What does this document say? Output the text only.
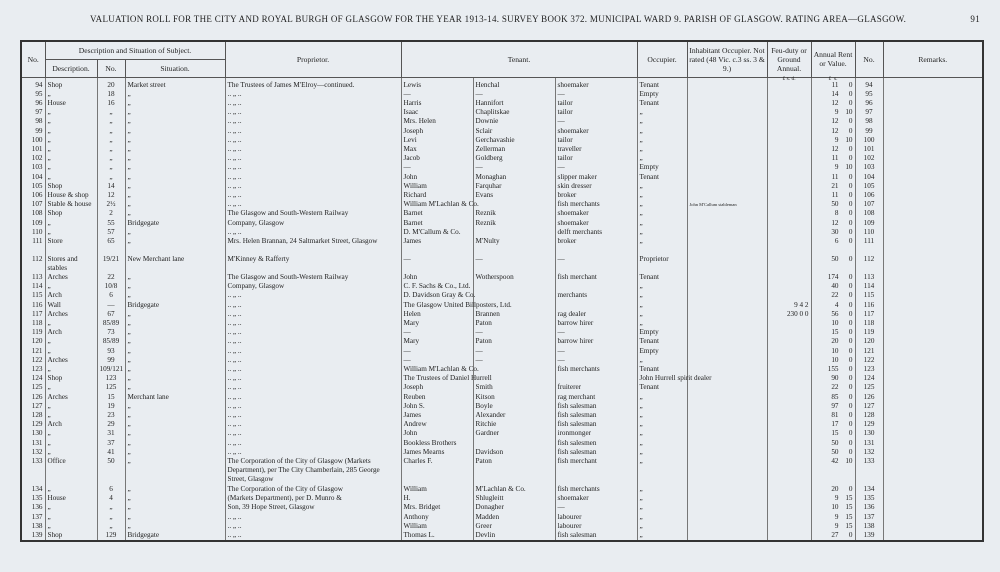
VALUATION ROLL FOR THE CITY AND ROYAL BURGH OF GLASGOW FOR THE YEAR 1913-14. SURVEY BOOK 372. MUNICIPAL WARD 9. PARISH OF GLASGOW. RATING AREA—GLASGOW.	91
No.	Description and Situation of Subject.			Proprietor.	Tenant.			Occupier.	Inhabitant Occupier. Not rated (48 Vic. c.3 ss. 3 & 9.)	Feu-duty or Ground Annual.	Annual Rent or Value.	No.	Remarks.
	Description.	No.	Situation.										
										£ s. d.	£ s.		
94	Shop	20	Market street	The Trustees of James M'Elroy—continued.	Lewis	Henchal	shoemaker	Tenant			11 0	94	
95	„	18	„	.. „ ..	—	—	—	Empty			14 0	95	
96	House	16	„	.. „ ..	Harris	Hannifort	tailor	Tenant			12 0	96	
97	„	„	„	.. „ ..	Isaac	Chaplitskae	tailor	„			9 10	97	
98	„	„	„	.. „ ..	Mrs. Helen	Downie	—	„			12 0	98	
99	„	„	„	.. „ ..	Joseph	Sclair	shoemaker	„			12 0	99	
100	„	„	„	.. „ ..	Levi	Gerchavashie	tailor	„			9 10	100	
101	„	„	„	.. „ ..	Max	Zellerman	traveller	„			12 0	101	
102	„	„	„	.. „ ..	Jacob	Goldberg	tailor	„			11 0	102	
103	„	„	„	.. „ ..	—	—	—	Empty			9 10	103	
104	„	„	„	.. „ ..	John	Monaghan	slipper maker	Tenant			11 0	104	
105	Shop	14	„	.. „ ..	William	Farquhar	skin dresser	„			21 0	105	
106	House & shop	12	„	.. „ ..	Richard	Evans	broker	„			11 0	106	
107	Stable & house	2½	„	.. „ ..	William M'Lachlan & Co.		fish merchants	„	John M'Callum stableman		50 0	107	
108	Shop	2	„	The Glasgow and South-Western Railway	Barnet	Reznik	shoemaker	„			8 0	108	
109	„	55	Bridgegate	Company, Glasgow	Barnet	Reznik	shoemaker	„			12 0	109	
110	„	57	„	.. „ ..	D. M'Callum & Co.		delft merchants	„			30 0	110	
111	Store	65	„	Mrs. Helen Brannan, 24 Saltmarket Street, Glasgow	James	M'Nulty	broker	„			6 0	111	
112	Stores and stables	19/21	New Merchant lane	M'Kinney & Rafferty	—	—	—	Proprietor			50 0	112	
113	Arches	22	„	The Glasgow and South-Western Railway	John	Wotherspoon	fish merchant	Tenant			174 0	113	
114	„	10/8	„	Company, Glasgow	C. F. Sachs & Co., Ltd.			„			40 0	114	
115	Arch	6	„	.. „ ..	D. Davidson Gray & Co.		merchants	„			22 0	115	
116	Wall	—	Bridgegate	.. „ ..	The Glasgow United Billposters, Ltd.			„		9 4 2	4 0	116	
117	Arches	67	„	.. „ ..	Helen	Brannen	rag dealer	„		230 0 0	56 0	117	
118	„	85/89	„	.. „ ..	Mary	Paton	barrow hirer	„			10 0	118	
119	Arch	73	„	.. „ ..	—	—	—	Empty			15 0	119	
120	„	85/89	„	.. „ ..	Mary	Paton	barrow hirer	Tenant			20 0	120	
121	„	93	„	.. „ ..	—	—	—	Empty			10 0	121	
122	Arches	99	„	.. „ ..	—	—	—	„			10 0	122	
123	„	109/121	„	.. „ ..	William M'Lachlan & Co.		fish merchants	Tenant			155 0	123	
124	Shop	123	„	.. „ ..	The Trustees of Daniel Hurrell			John Hurrell spirit dealer			90 0	124	
125	„	125	„	.. „ ..	Joseph	Smith	fruiterer	Tenant			22 0	125	
126	Arches	15	Merchant lane	.. „ ..	Reuben	Kitson	rag merchant	„			85 0	126	
127	„	19	„	.. „ ..	John S.	Boyle	fish salesman	„			97 0	127	
128	„	23	„	.. „ ..	James	Alexander	fish salesman	„			81 0	128	
129	Arch	29	„	.. „ ..	Andrew	Ritchie	fish salesman	„			17 0	129	
130	„	31	„	.. „ ..	John	Gardner	ironmonger	„			15 0	130	
131	„	37	„	.. „ ..	Bookless Brothers		fish salesmen	„			50 0	131	
132	„	41	„	.. „ ..	James Mearns	Davidson	fish salesman	„			50 0	132	
133	Office	50	„	The Corporation of the City of Glasgow (Markets Department), per The City Chamberlain, 285 George Street, Glasgow	Charles F.	Paton	fish merchant	„			42 10	133	
134	„	6	„	The Corporation of the City of Glasgow	William	M'Lachlan & Co.	fish merchants	„			20 0	134	
135	House	4	„	(Markets Department), per D. Munro &	H.	Shlugleitt	shoemaker	„			9 15	135	
136	„	„	„	Son, 39 Hope Street, Glasgow	Mrs. Bridget	Donagher	—	„			10 15	136	
137	„	„	„	.. „ ..	Anthony	Madden	labourer	„			9 15	137	
138	„	„	„	.. „ ..	William	Greer	labourer	„			9 15	138	
139	Shop	129	Bridgegate	.. „ ..	Thomas L.	Devlin	fish salesman	„			27 0	139	
